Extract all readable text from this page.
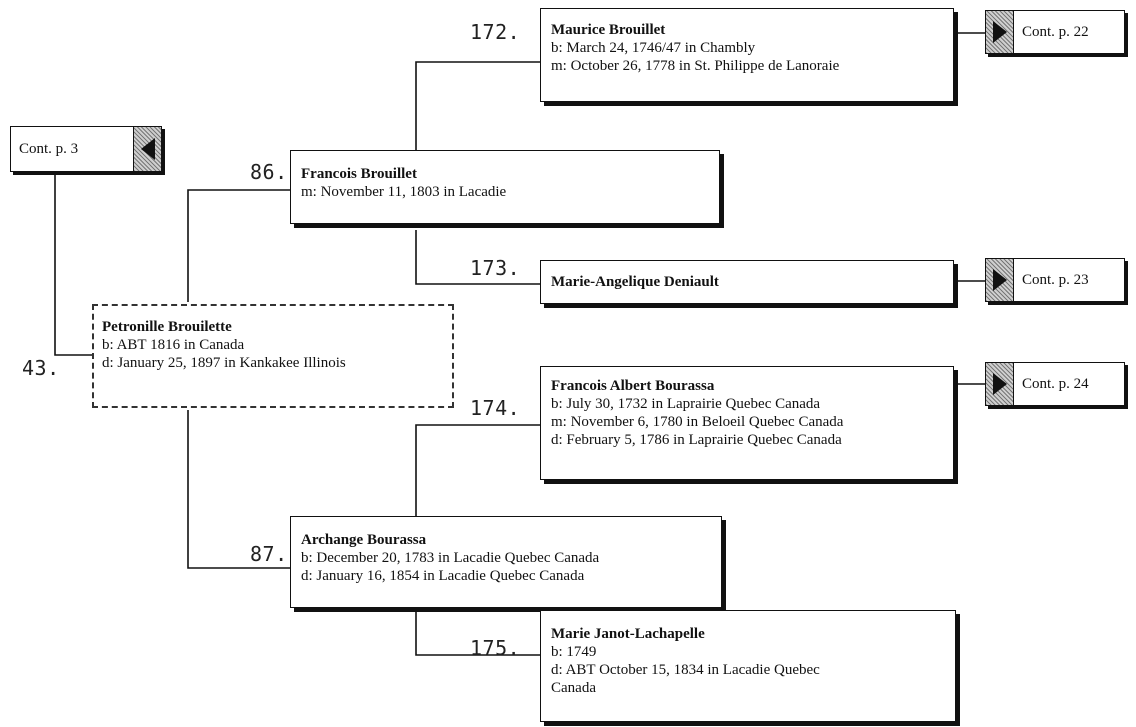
Cont. p. 3
43.
Petronille Brouilette
b: ABT 1816 in Canada
d: January 25, 1897 in Kankakee Illinois
86. Francois Brouillet
m: November 11, 1803 in Lacadie
87.
Archange Bourassa
b: December 20, 1783 in Lacadie Quebec Canada
d: January 16, 1854 in Lacadie Quebec Canada
172. Maurice Brouillet
b: March 24, 1746/47 in Chambly
m: October 26, 1778 in St. Philippe de Lanoraie
173.
Marie-Angelique Deniault
174.
Francois Albert Bourassa
b: July 30, 1732 in Laprairie Quebec Canada
m: November 6, 1780 in Beloeil Quebec Canada
d: February 5, 1786 in Laprairie Quebec Canada
175.
Marie Janot-Lachapelle
b: 1749
d: ABT October 15, 1834 in Lacadie Quebec
Canada
Cont. p. 22
Cont. p. 23
Cont. p. 24
